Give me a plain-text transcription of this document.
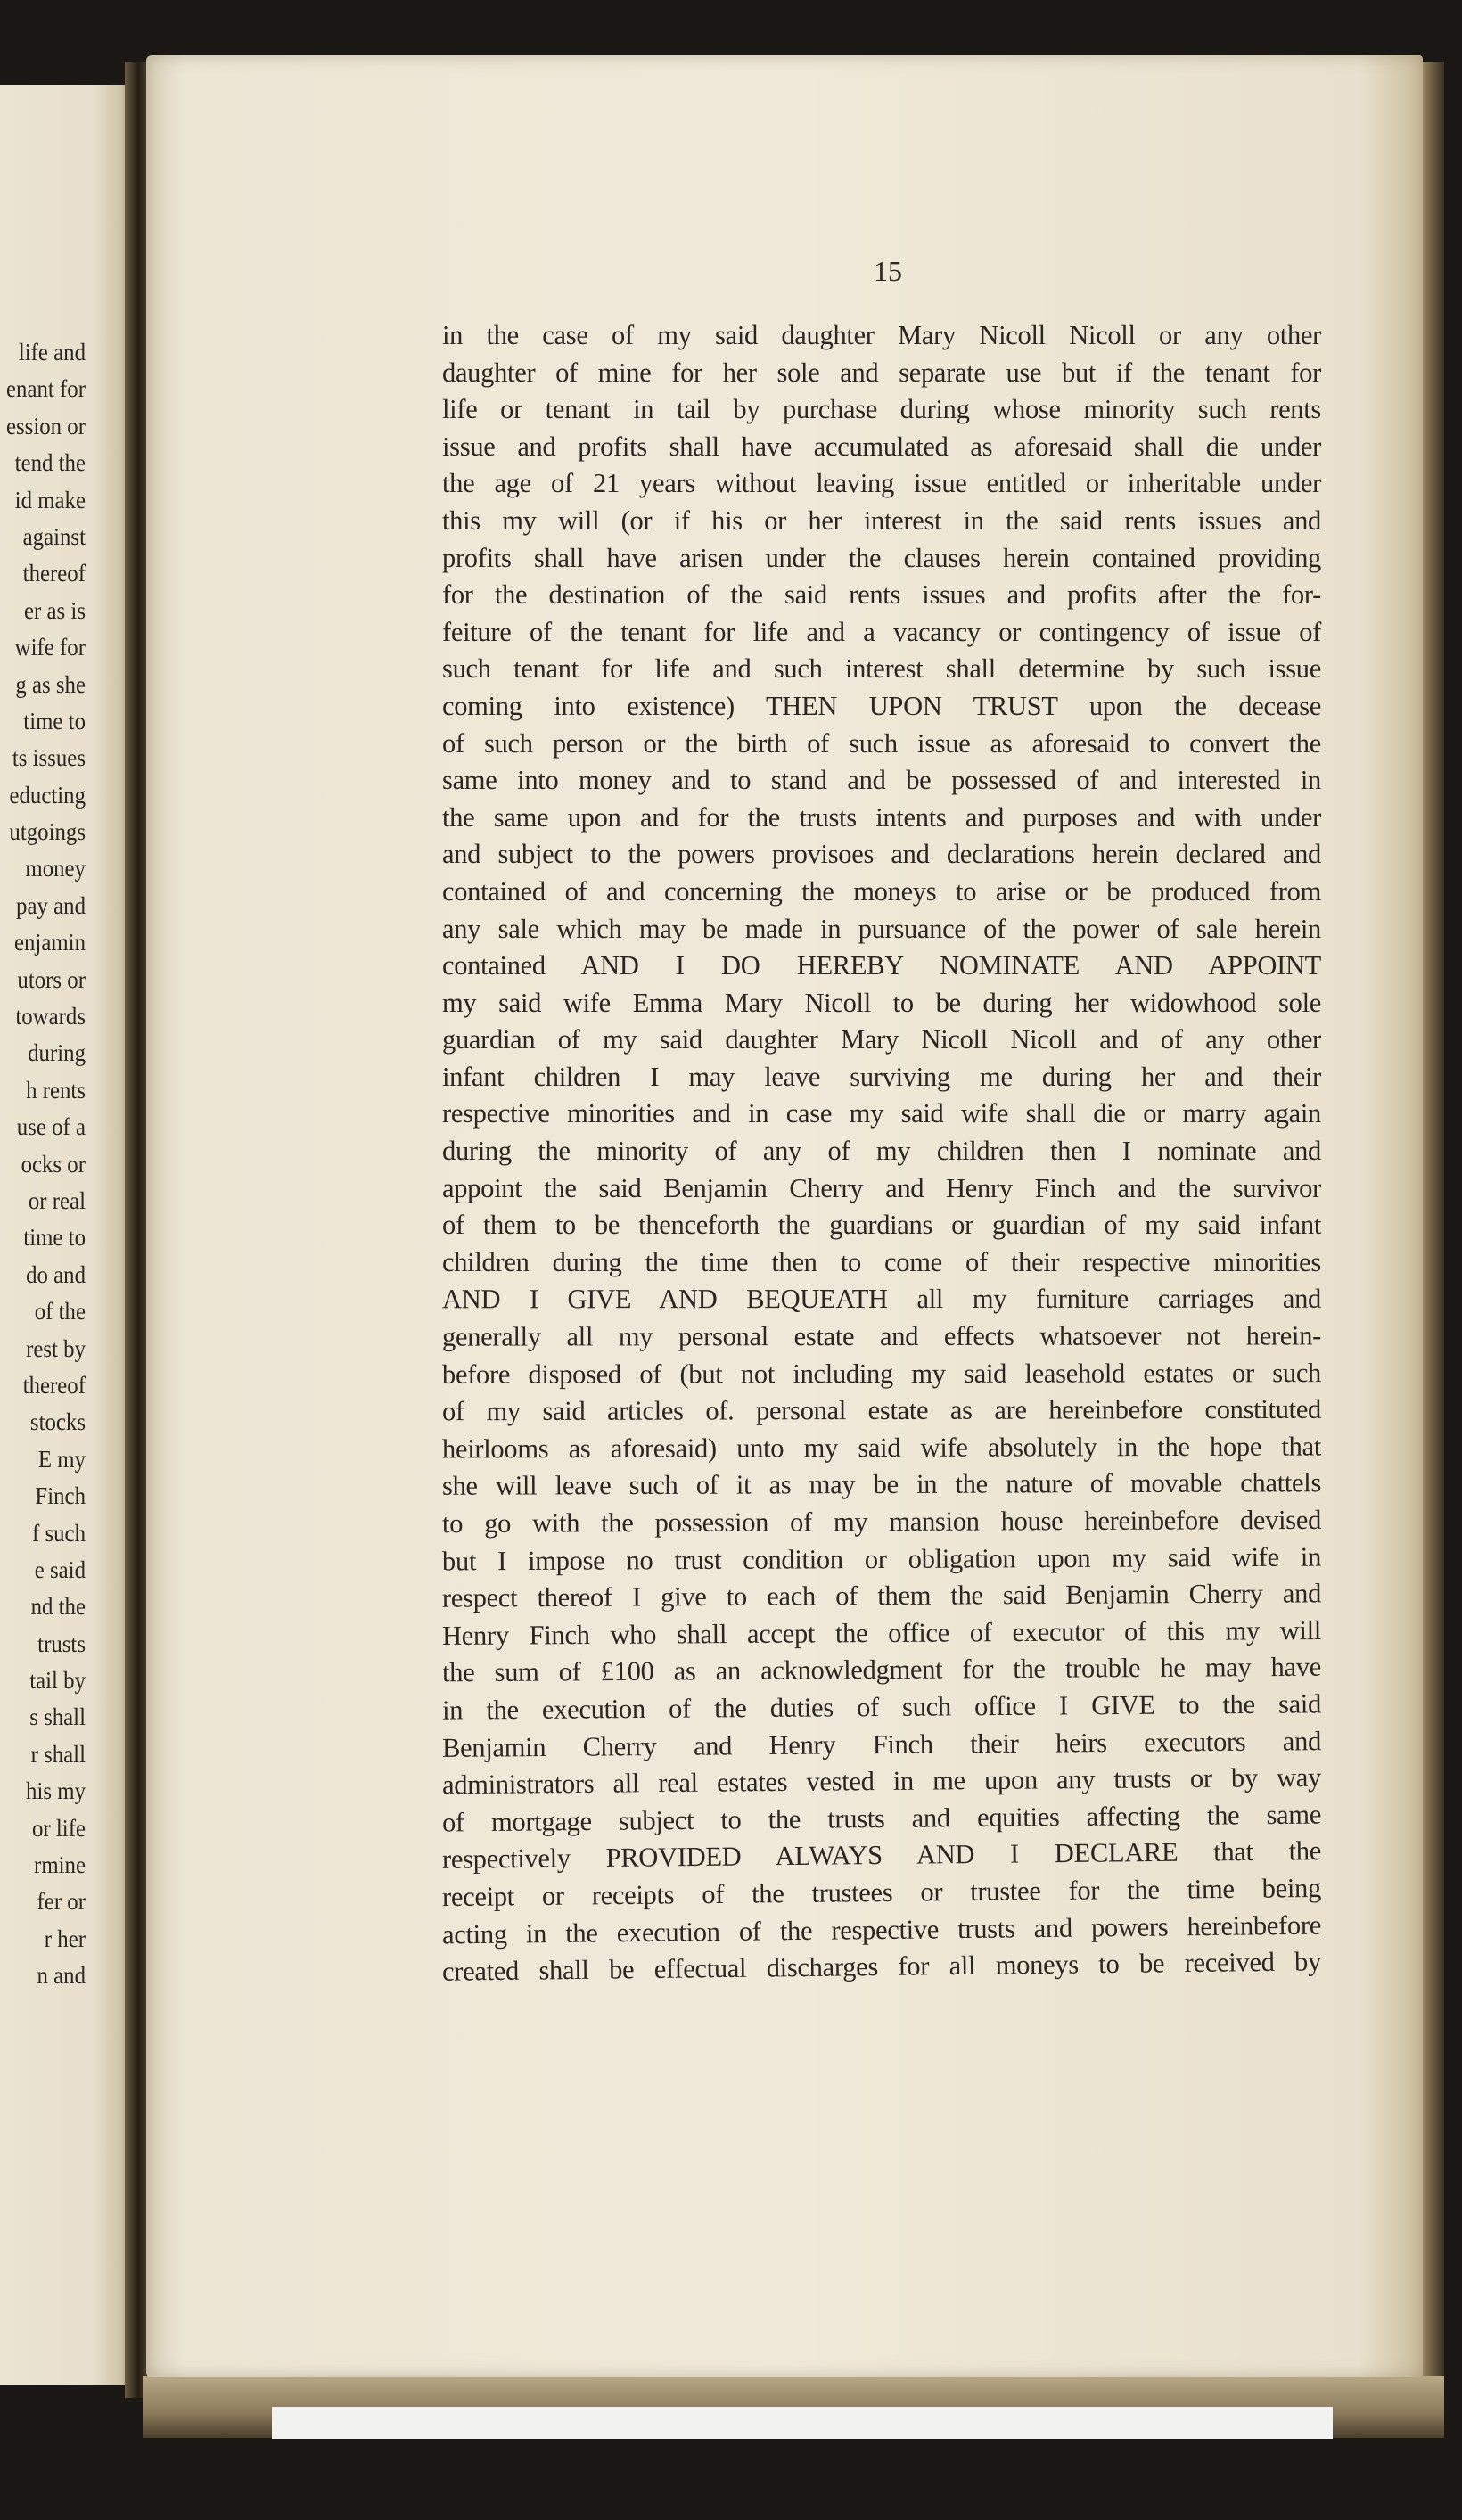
life and
enant for
ession or
tend the
id make
against
thereof
er as is
wife for
g as she
time to
ts issues
educting
utgoings
money
pay and
enjamin
utors or
towards
during
h rents
use of a
ocks or
or real
time to
do and
of the
rest by
thereof
stocks
E my
Finch
f such
e said
nd the
trusts
tail by
s shall
r shall
his my
or life
rmine
fer or
r her
n and
15
in the case of my said daughter Mary Nicoll Nicoll or any other
daughter of mine for her sole and separate use but if the tenant for
life or tenant in tail by purchase during whose minority such rents
issue and profits shall have accumulated as aforesaid shall die under
the age of 21 years without leaving issue entitled or inheritable under
this my will (or if his or her interest in the said rents issues and
profits shall have arisen under the clauses herein contained providing
for the destination of the said rents issues and profits after the for-
feiture of the tenant for life and a vacancy or contingency of issue of
such tenant for life and such interest shall determine by such issue
coming into existence) THEN UPON TRUST upon the decease
of such person or the birth of such issue as aforesaid to convert the
same into money and to stand and be possessed of and interested in
the same upon and for the trusts intents and purposes and with under
and subject to the powers provisoes and declarations herein declared and
contained of and concerning the moneys to arise or be produced from
any sale which may be made in pursuance of the power of sale herein
contained AND I DO HEREBY NOMINATE AND APPOINT
my said wife Emma Mary Nicoll to be during her widowhood sole
guardian of my said daughter Mary Nicoll Nicoll and of any other
infant children I may leave surviving me during her and their
respective minorities and in case my said wife shall die or marry again
during the minority of any of my children then I nominate and
appoint the said Benjamin Cherry and Henry Finch and the survivor
of them to be thenceforth the guardians or guardian of my said infant
children during the time then to come of their respective minorities
AND I GIVE AND BEQUEATH all my furniture carriages and
generally all my personal estate and effects whatsoever not herein-
before disposed of (but not including my said leasehold estates or such
of my said articles of. personal estate as are hereinbefore constituted
heirlooms as aforesaid) unto my said wife absolutely in the hope that
she will leave such of it as may be in the nature of movable chattels
to go with the possession of my mansion house hereinbefore devised
but I impose no trust condition or obligation upon my said wife in
respect thereof I give to each of them the said Benjamin Cherry and
Henry Finch who shall accept the office of executor of this my will
the sum of £100 as an acknowledgment for the trouble he may have
in the execution of the duties of such office I GIVE to the said
Benjamin Cherry and Henry Finch their heirs executors and
administrators all real estates vested in me upon any trusts or by way
of mortgage subject to the trusts and equities affecting the same
respectively PROVIDED ALWAYS AND I DECLARE that the
receipt or receipts of the trustees or trustee for the time being
acting in the execution of the respective trusts and powers hereinbefore
created shall be effectual discharges for all moneys to be received by
